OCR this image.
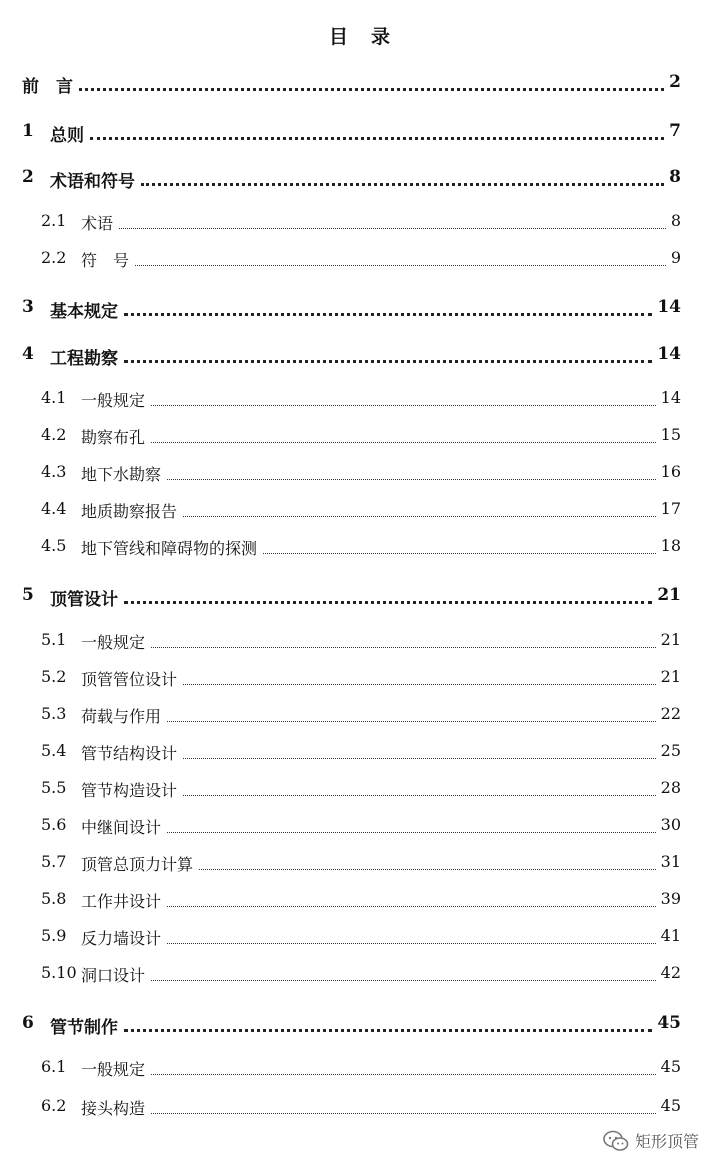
目　录
前　言	2
1 总则	7
2 术语和符号	8
2.1 术语	8
2.2 符　号	9
3 基本规定	14
4 工程勘察	14
4.1 一般规定	14
4.2 勘察布孔	15
4.3 地下水勘察	16
4.4 地质勘察报告	17
4.5 地下管线和障碍物的探测	18
5 顶管设计	21
5.1 一般规定	21
5.2 顶管管位设计	21
5.3 荷载与作用	22
5.4 管节结构设计	25
5.5 管节构造设计	28
5.6 中继间设计	30
5.7 顶管总顶力计算	31
5.8 工作井设计	39
5.9 反力墙设计	41
5.10 洞口设计	42
6 管节制作	45
6.1 一般规定	45
6.2 接头构造	45
矩形顶管
